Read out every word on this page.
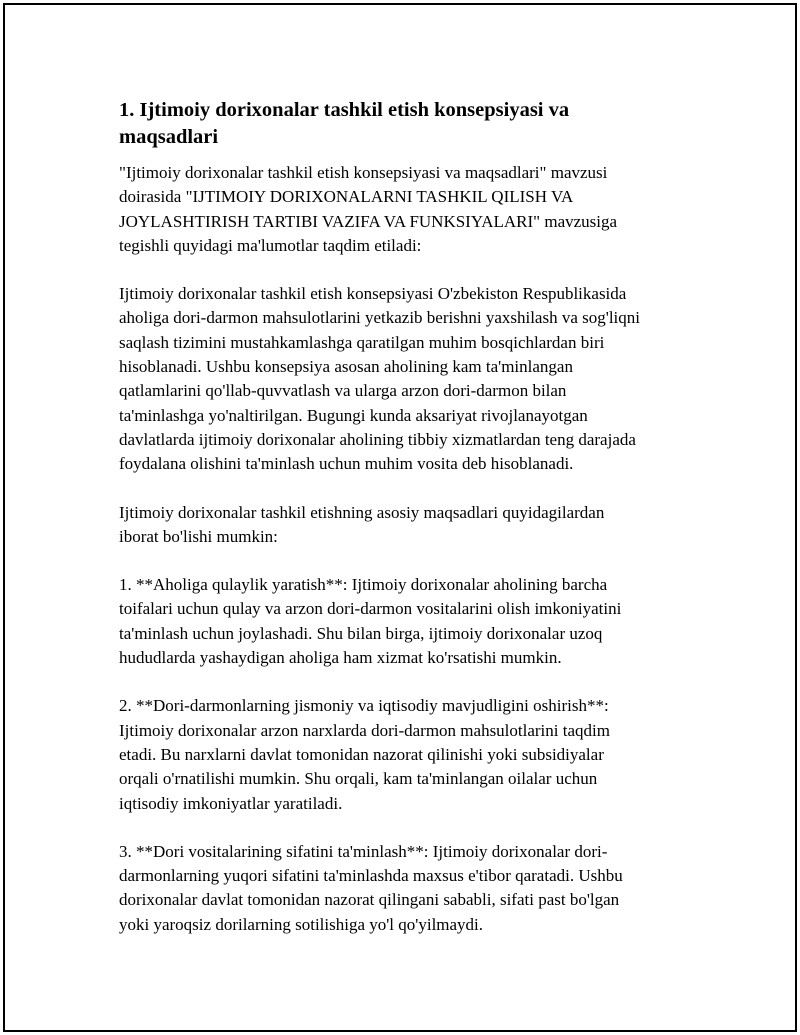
1. Ijtimoiy dorixonalar tashkil etish konsepsiyasi va
maqsadlari

"Ijtimoiy dorixonalar tashkil etish konsepsiyasi va maqsadlari" mavzusi
doirasida "IJTIMOIY DORIXONALARNI TASHKIL QILISH VA
JOYLASHTIRISH TARTIBI VAZIFA VA FUNKSIYALARI" mavzusiga
tegishli quyidagi ma'lumotlar taqdim etiladi:

Ijtimoiy dorixonalar tashkil etish konsepsiyasi O'zbekiston Respublikasida
aholiga dori-darmon mahsulotlarini yetkazib berishni yaxshilash va sog'liqni
saqlash tizimini mustahkamlashga qaratilgan muhim bosqichlardan biri
hisoblanadi. Ushbu konsepsiya asosan aholining kam ta'minlangan
qatlamlarini qo'llab-quvvatlash va ularga arzon dori-darmon bilan
ta'minlashga yo'naltirilgan. Bugungi kunda aksariyat rivojlanayotgan
davlatlarda ijtimoiy dorixonalar aholining tibbiy xizmatlardan teng darajada
foydalana olishini ta'minlash uchun muhim vosita deb hisoblanadi.

Ijtimoiy dorixonalar tashkil etishning asosiy maqsadlari quyidagilardan
iborat bo'lishi mumkin:

1. **Aholiga qulaylik yaratish**: Ijtimoiy dorixonalar aholining barcha
toifalari uchun qulay va arzon dori-darmon vositalarini olish imkoniyatini
ta'minlash uchun joylashadi. Shu bilan birga, ijtimoiy dorixonalar uzoq
hududlarda yashaydigan aholiga ham xizmat ko'rsatishi mumkin.

2. **Dori-darmonlarning jismoniy va iqtisodiy mavjudligini oshirish**:
Ijtimoiy dorixonalar arzon narxlarda dori-darmon mahsulotlarini taqdim
etadi. Bu narxlarni davlat tomonidan nazorat qilinishi yoki subsidiyalar
orqali o'rnatilishi mumkin. Shu orqali, kam ta'minlangan oilalar uchun
iqtisodiy imkoniyatlar yaratiladi.

3. **Dori vositalarining sifatini ta'minlash**: Ijtimoiy dorixonalar dori-
darmonlarning yuqori sifatini ta'minlashda maxsus e'tibor qaratadi. Ushbu
dorixonalar davlat tomonidan nazorat qilingani sababli, sifati past bo'lgan
yoki yaroqsiz dorilarning sotilishiga yo'l qo'yilmaydi.
